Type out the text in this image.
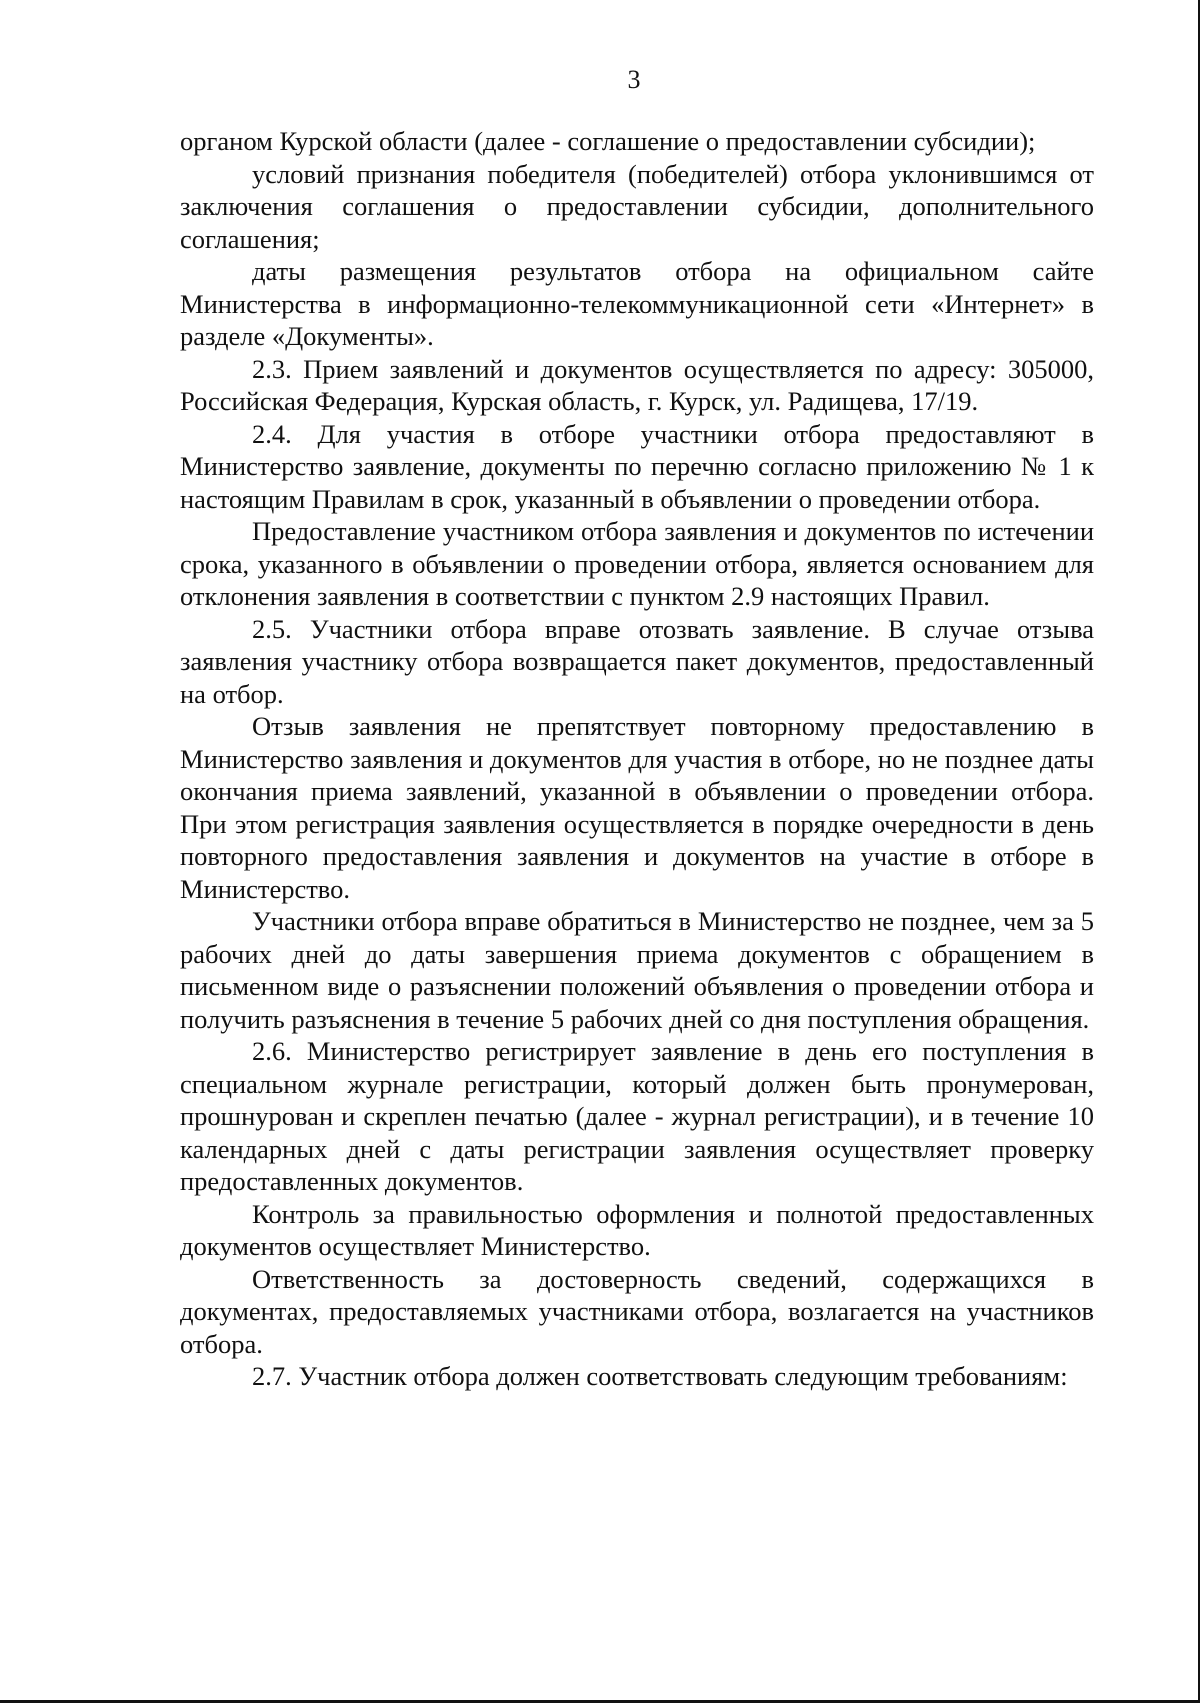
3

органом Курской области (далее - соглашение о предоставлении субсидии);

условий признания победителя (победителей) отбора уклонившимся от заключения соглашения о предоставлении субсидии, дополнительного соглашения;

даты размещения результатов отбора на официальном сайте Министерства в информационно-телекоммуникационной сети «Интернет» в разделе «Документы».

2.3. Прием заявлений и документов осуществляется по адресу: 305000, Российская Федерация, Курская область, г. Курск, ул. Радищева, 17/19.

2.4. Для участия в отборе участники отбора предоставляют в Министерство заявление, документы по перечню согласно приложению № 1 к настоящим Правилам в срок, указанный в объявлении о проведении отбора.

Предоставление участником отбора заявления и документов по истечении срока, указанного в объявлении о проведении отбора, является основанием для отклонения заявления в соответствии с пунктом 2.9 настоящих Правил.

2.5. Участники отбора вправе отозвать заявление. В случае отзыва заявления участнику отбора возвращается пакет документов, предоставленный на отбор.

Отзыв заявления не препятствует повторному предоставлению в Министерство заявления и документов для участия в отборе, но не позднее даты окончания приема заявлений, указанной в объявлении о проведении отбора. При этом регистрация заявления осуществляется в порядке очередности в день повторного предоставления заявления и документов на участие в отборе в Министерство.

Участники отбора вправе обратиться в Министерство не позднее, чем за 5 рабочих дней до даты завершения приема документов с обращением в письменном виде о разъяснении положений объявления о проведении отбора и получить разъяснения в течение 5 рабочих дней со дня поступления обращения.

2.6. Министерство регистрирует заявление в день его поступления в специальном журнале регистрации, который должен быть пронумерован, прошнурован и скреплен печатью (далее - журнал регистрации), и в течение 10 календарных дней с даты регистрации заявления осуществляет проверку предоставленных документов.

Контроль за правильностью оформления и полнотой предоставленных документов осуществляет Министерство.

Ответственность за достоверность сведений, содержащихся в документах, предоставляемых участниками отбора, возлагается на участников отбора.

2.7. Участник отбора должен соответствовать следующим требованиям:
